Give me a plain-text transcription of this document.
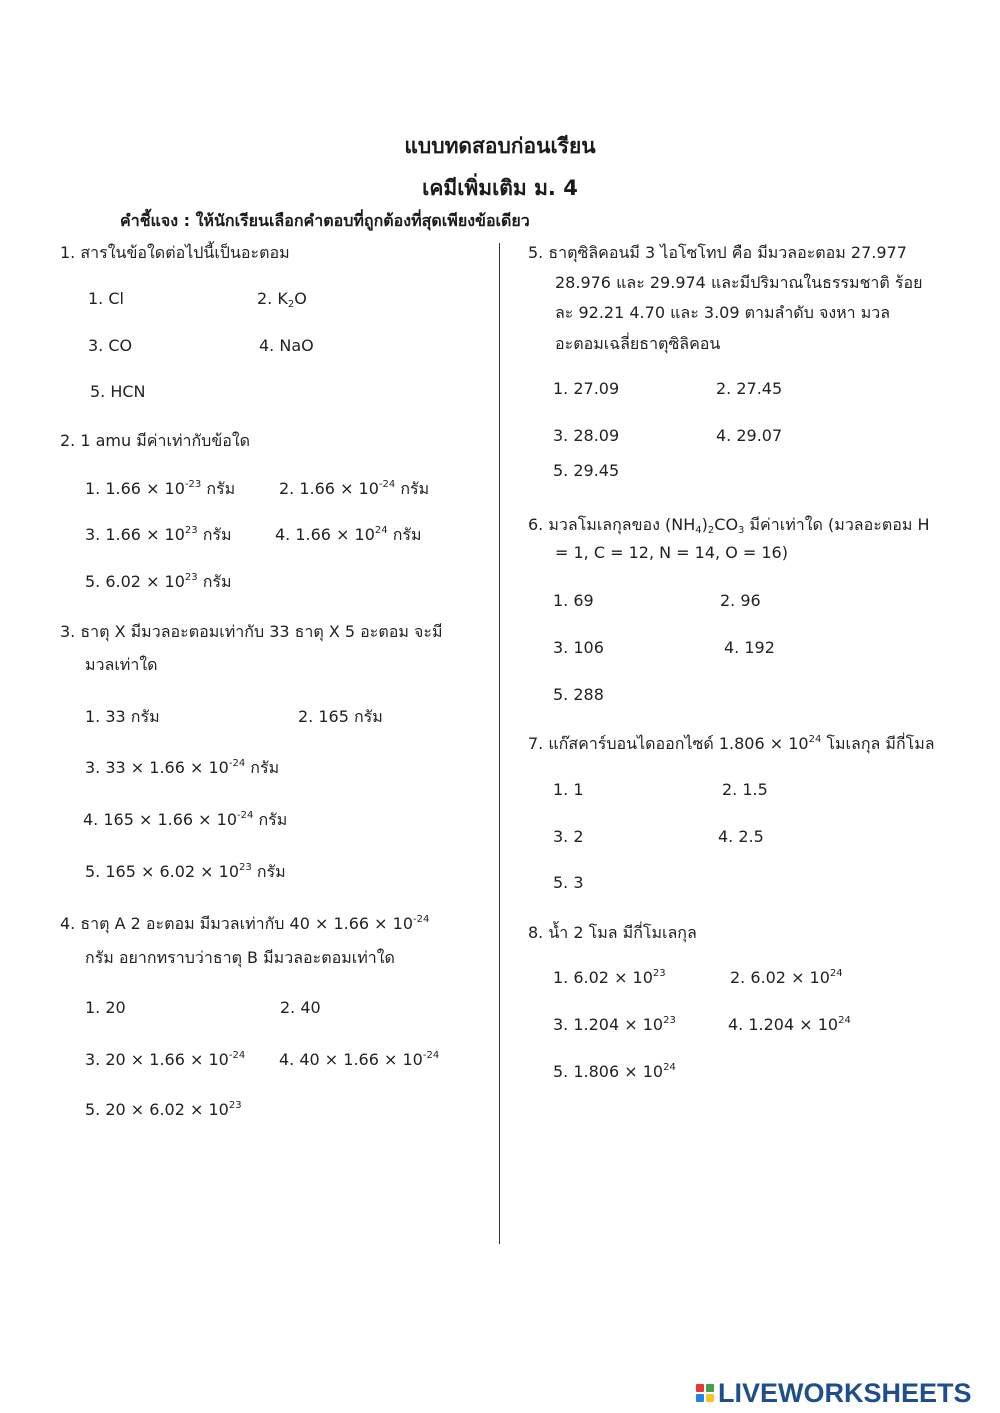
แบบทดสอบก่อนเรียน
เคมีเพิ่มเติม ม. 4
คำชี้แจง : ให้นักเรียนเลือกคำตอบที่ถูกต้องที่สุดเพียงข้อเดียว
1. สารในข้อใดต่อไปนี้เป็นอะตอม
1. Cl	2. $K_2O$
3. CO	4. NaO
5. HCN
2. 1 amu มีค่าเท่ากับข้อใด
1. $1.66 \times 10^{-23}$ กรัม	2. $1.66 \times 10^{-24}$ กรัม
3. $1.66 \times 10^{23}$ กรัม	4. $1.66 \times 10^{24}$ กรัม
5. $6.02 \times 10^{23}$ กรัม
3. ธาตุ X มีมวลอะตอมเท่ากับ 33 ธาตุ X 5 อะตอม จะมี
มวลเท่าใด
1. 33 กรัม	2. 165 กรัม
3. $33 \times 1.66 \times 10^{-24}$ กรัม
4. $165 \times 1.66 \times 10^{-24}$ กรัม
5. $165 \times 6.02 \times 10^{23}$ กรัม
4. ธาตุ A 2 อะตอม มีมวลเท่ากับ $40 \times 1.66 \times 10^{-24}$
กรัม อยากทราบว่าธาตุ B มีมวลอะตอมเท่าใด
1. 20	2. 40
3. $20 \times 1.66 \times 10^{-24}$ 4. $40 \times 1.66 \times 10^{-24}$
5. $20 \times 6.02 \times 10^{23}$
5. ธาตุซิลิคอนมี 3 ไอโซโทป คือ มีมวลอะตอม 27.977
28.976 และ 29.974 และมีปริมาณในธรรมชาติ ร้อย
ละ 92.21 4.70 และ 3.09 ตามลำดับ จงหา มวล
อะตอมเฉลี่ยธาตุซิลิคอน
1. 27.09	2. 27.45
3. 28.09	4. 29.07
5. 29.45
6. มวลโมเลกุลของ $(NH_4)_2CO_3$ มีค่าเท่าใด (มวลอะตอม H
= 1, C = 12, N = 14, O = 16)
1. 69	2. 96
3. 106	4. 192
5. 288
7. แก๊สคาร์บอนไดออกไซด์ $1.806 \times 10^{24}$ โมเลกุล มีกี่โมล
1. 1	2. 1.5
3. 2	4. 2.5
5. 3
8. น้ำ 2 โมล มีกี่โมเลกุล
1. $6.02 \times 10^{23}$	2. $6.02 \times 10^{24}$
3. $1.204 \times 10^{23}$	4. $1.204 \times 10^{24}$
5. $1.806 \times 10^{24}$
LIVEWORKSHEETS
